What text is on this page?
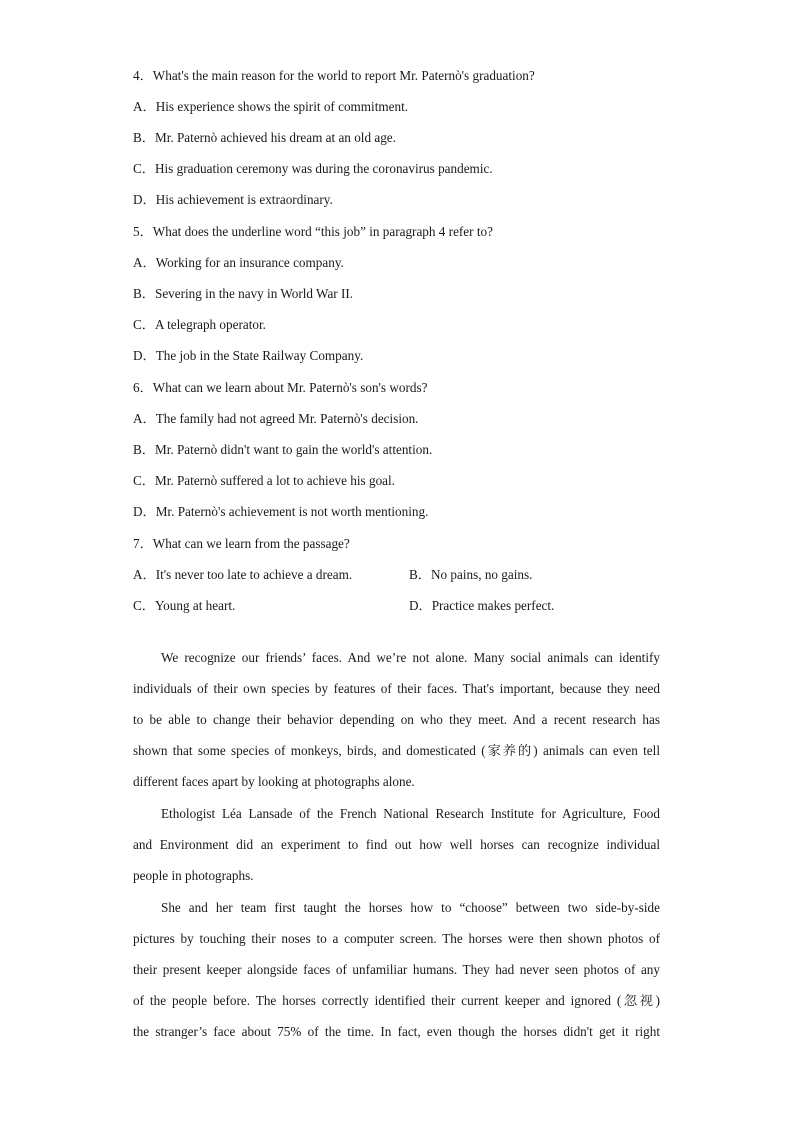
4．What's the main reason for the world to report Mr. Paternò's graduation?
A．His experience shows the spirit of commitment.
B．Mr. Paternò achieved his dream at an old age.
C．His graduation ceremony was during the coronavirus pandemic.
D．His achievement is extraordinary.
5．What does the underline word “this job” in paragraph 4 refer to?
A．Working for an insurance company.
B．Severing in the navy in World War II.
C．A telegraph operator.
D．The job in the State Railway Company.
6．What can we learn about Mr. Paternò's son's words?
A．The family had not agreed Mr. Paternò's decision.
B．Mr. Paternò didn't want to gain the world's attention.
C．Mr. Paternò suffered a lot to achieve his goal.
D．Mr. Paternò's achievement is not worth mentioning.
7．What can we learn from the passage?
A．It's never too late to achieve a dream.	B．No pains, no gains.
C．Young at heart.	D．Practice makes perfect.
We recognize our friends’ faces. And we’re not alone. Many social animals can identify
individuals of their own species by features of their faces. That's important, because they need
to be able to change their behavior depending on who they meet. And a recent research has
shown that some species of monkeys, birds, and domesticated (家养的) animals can even tell
different faces apart by looking at photographs alone.
Ethologist Léa Lansade of the French National Research Institute for Agriculture, Food
and Environment did an experiment to find out how well horses can recognize individual
people in photographs.
She and her team first taught the horses how to “choose” between two side-by-side
pictures by touching their noses to a computer screen. The horses were then shown photos of
their present keeper alongside faces of unfamiliar humans. They had never seen photos of any
of the people before. The horses correctly identified their current keeper and ignored (忽视)
the stranger’s face about 75% of the time. In fact, even though the horses didn't get it right
